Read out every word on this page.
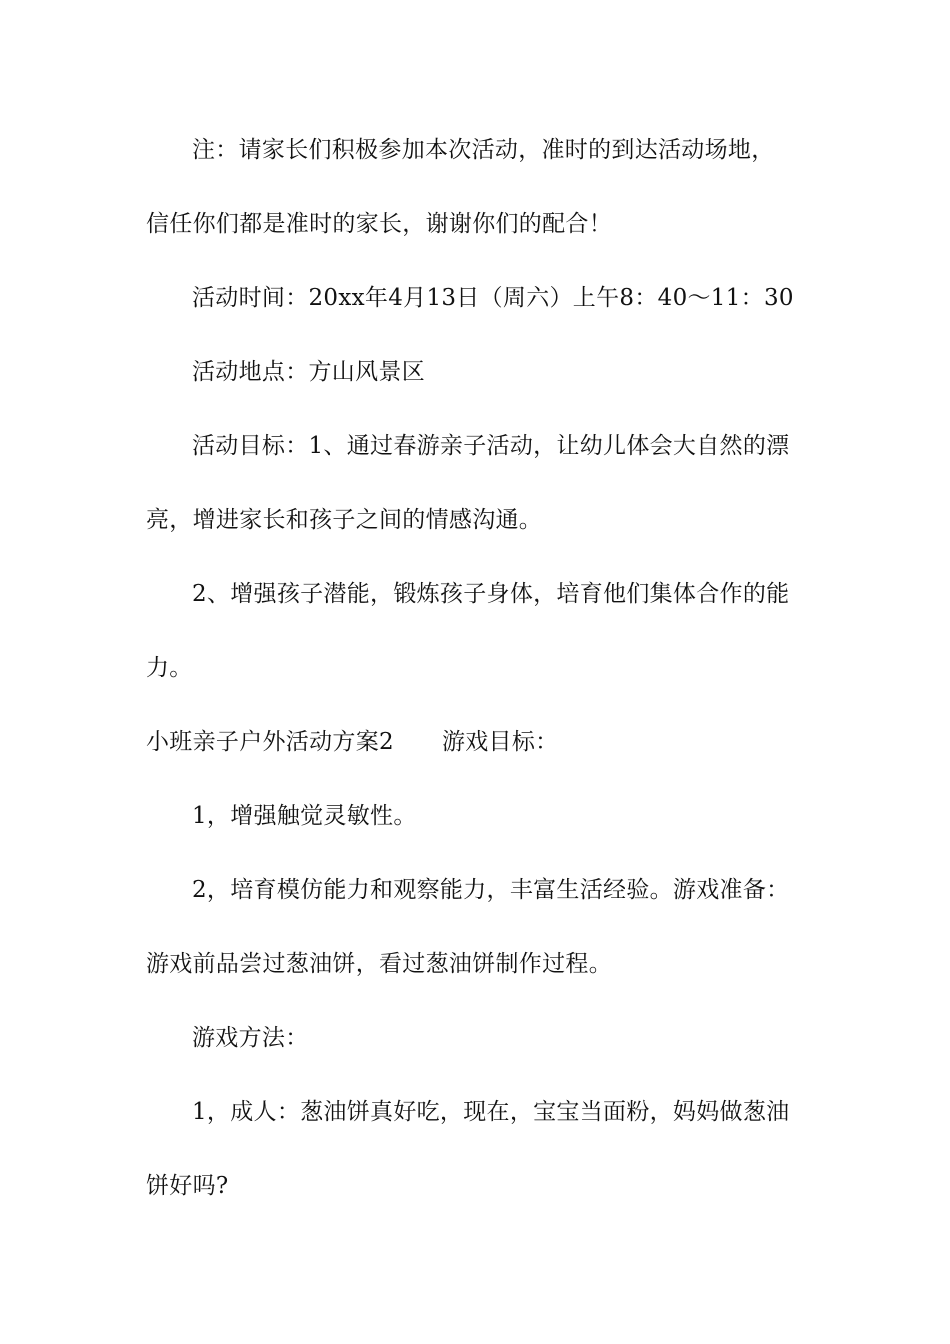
注：请家长们积极参加本次活动，准时的到达活动场地，
信任你们都是准时的家长，谢谢你们的配合！
活动时间：20xx年4月13日（周六）上午8：40～11：30
活动地点：方山风景区
活动目标：1、通过春游亲子活动，让幼儿体会大自然的漂
亮，增进家长和孩子之间的情感沟通。
2、增强孩子潜能，锻炼孩子身体，培育他们集体合作的能
力。
小班亲子户外活动方案2 游戏目标：
1，增强触觉灵敏性。
2，培育模仿能力和观察能力，丰富生活经验。游戏准备：
游戏前品尝过葱油饼，看过葱油饼制作过程。
游戏方法：
1，成人：葱油饼真好吃，现在，宝宝当面粉，妈妈做葱油
饼好吗?
